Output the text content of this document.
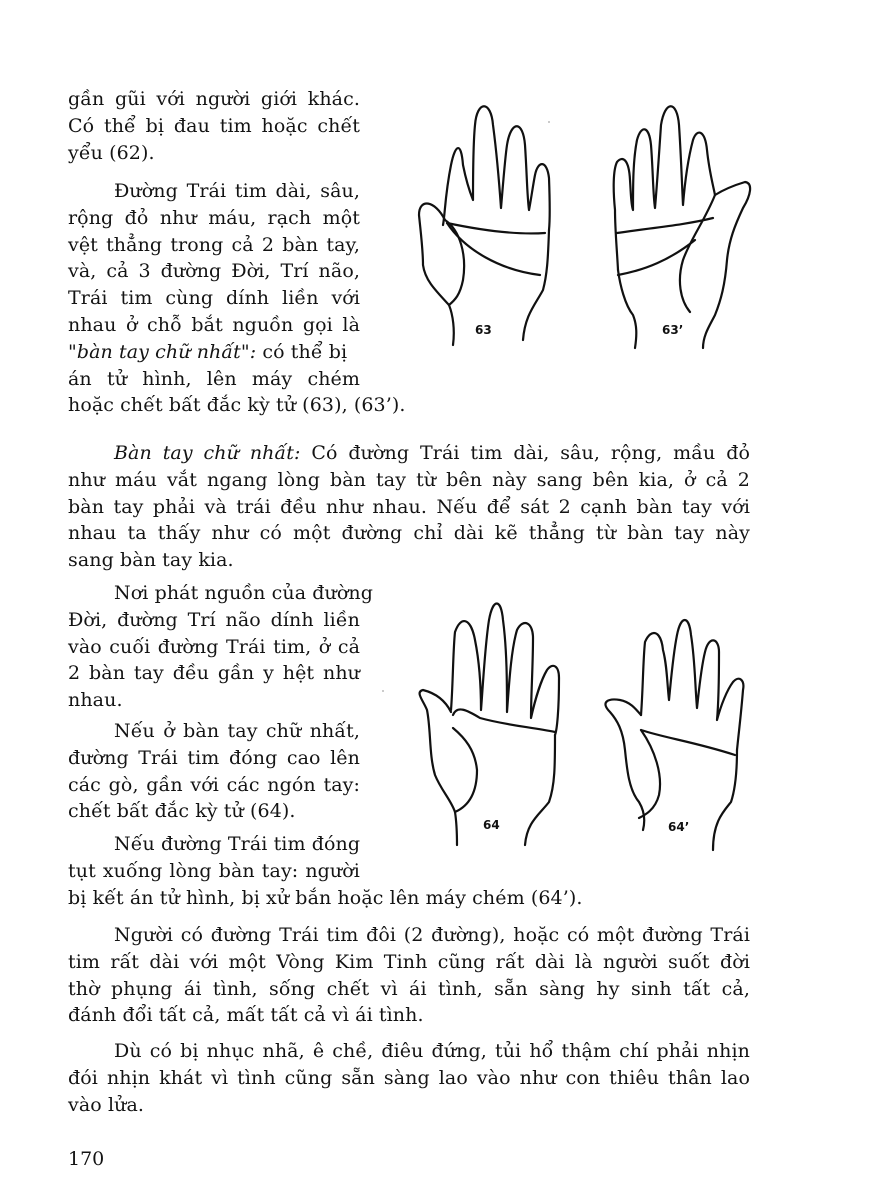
gần gũi với người giới khác.
Có thể bị đau tim hoặc chết
yểu (62).
Đường Trái tim dài, sâu,
rộng đỏ như máu, rạch một
vệt thẳng trong cả 2 bàn tay,
và, cả 3 đường Đời, Trí não,
Trái tim cùng dính liền với
nhau ở chỗ bắt nguồn gọi là
"bàn tay chữ nhất": có thể bị
án tử hình, lên máy chém
hoặc chết bất đắc kỳ tử (63), (63’).
63	63’
Bàn tay chữ nhất: Có đường Trái tim dài, sâu, rộng, mầu đỏ
như máu vắt ngang lòng bàn tay từ bên này sang bên kia, ở cả 2
bàn tay phải và trái đều như nhau. Nếu để sát 2 cạnh bàn tay với
nhau ta thấy như có một đường chỉ dài kẽ thẳng từ bàn tay này
sang bàn tay kia.
Nơi phát nguồn của đường
Đời, đường Trí não dính liền
vào cuối đường Trái tim, ở cả
2 bàn tay đều gần y hệt như
nhau.
Nếu ở bàn tay chữ nhất,
đường Trái tim đóng cao lên
các gò, gần với các ngón tay:
chết bất đắc kỳ tử (64).
64	64’
Nếu đường Trái tim đóng
tụt xuống lòng bàn tay: người
bị kết án tử hình, bị xử bắn hoặc lên máy chém (64’).
Người có đường Trái tim đôi (2 đường), hoặc có một đường Trái
tim rất dài với một Vòng Kim Tinh cũng rất dài là người suốt đời
thờ phụng ái tình, sống chết vì ái tình, sẵn sàng hy sinh tất cả,
đánh đổi tất cả, mất tất cả vì ái tình.
Dù có bị nhục nhã, ê chề, điêu đứng, tủi hổ thậm chí phải nhịn
đói nhịn khát vì tình cũng sẵn sàng lao vào như con thiêu thân lao
vào lửa.
170
